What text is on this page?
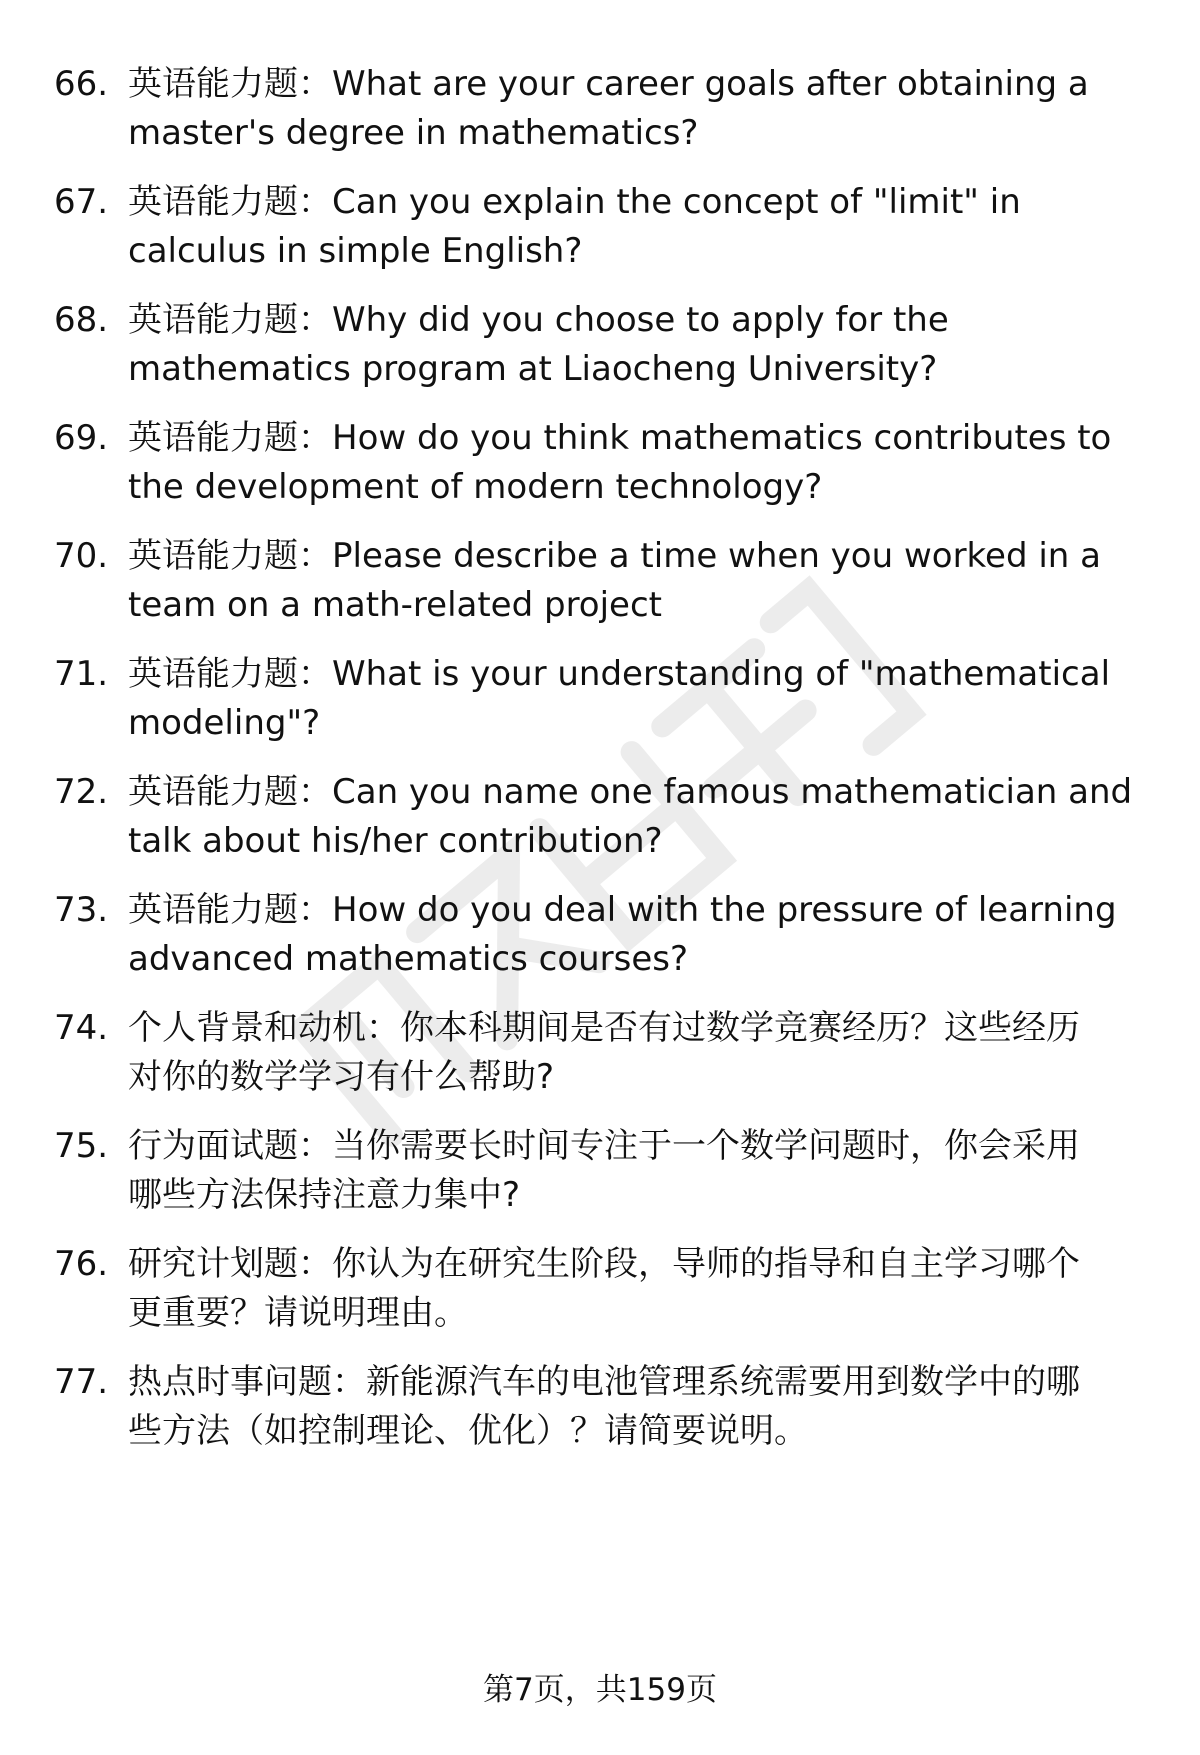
66. 英语能力题：What are your career goals after obtaining a
master's degree in mathematics?
67. 英语能力题：Can you explain the concept of "limit" in
calculus in simple English?
68. 英语能力题：Why did you choose to apply for the
mathematics program at Liaocheng University?
69. 英语能力题：How do you think mathematics contributes to
the development of modern technology?
70. 英语能力题：Please describe a time when you worked in a
team on a math-related project
71. 英语能力题：What is your understanding of "mathematical
modeling"?
72. 英语能力题：Can you name one famous mathematician and
talk about his/her contribution?
73. 英语能力题：How do you deal with the pressure of learning
advanced mathematics courses?
74. 个人背景和动机：你本科期间是否有过数学竞赛经历？这些经历
对你的数学学习有什么帮助?
75. 行为面试题：当你需要长时间专注于一个数学问题时，你会采用
哪些方法保持注意力集中?
76. 研究计划题：你认为在研究生阶段，导师的指导和自主学习哪个
更重要？请说明理由。
77. 热点时事问题：新能源汽车的电池管理系统需要用到数学中的哪
些方法（如控制理论、优化）？请简要说明。
第7页，共159页
